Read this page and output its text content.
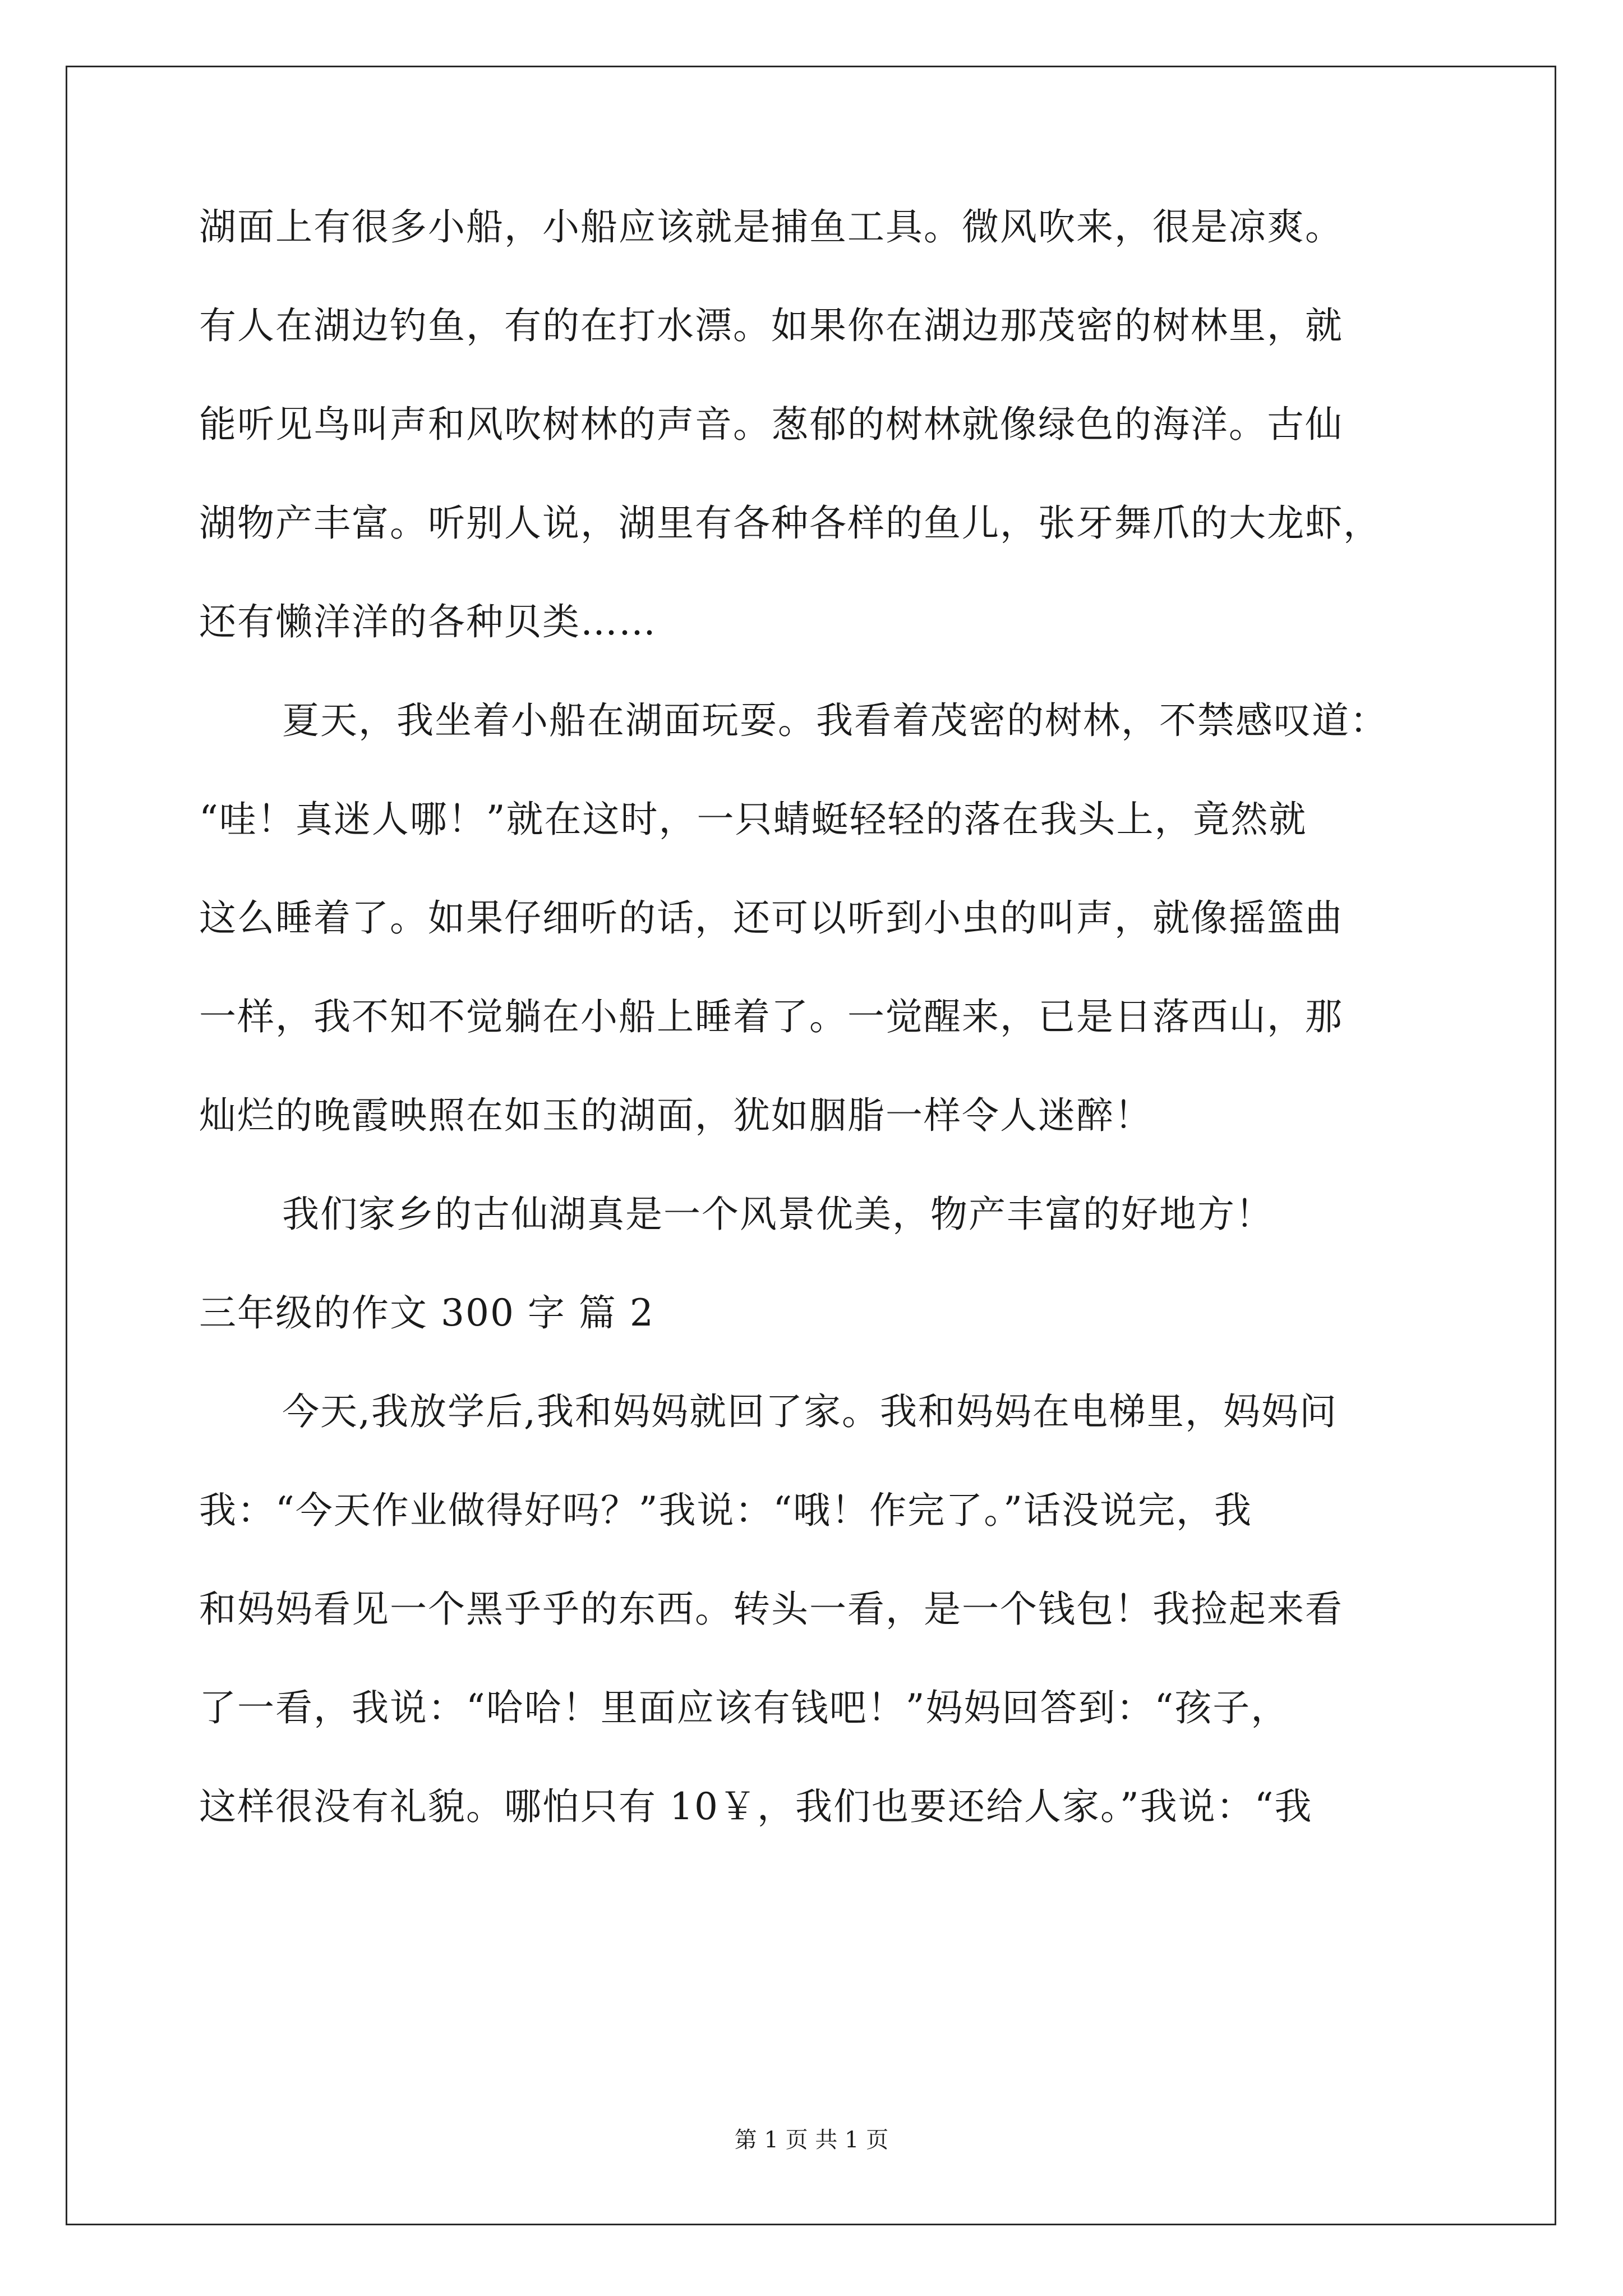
湖面上有很多小船，小船应该就是捕鱼工具。微风吹来，很是凉爽。
有人在湖边钓鱼，有的在打水漂。如果你在湖边那茂密的树林里，就
能听见鸟叫声和风吹树林的声音。葱郁的树林就像绿色的海洋。古仙
湖物产丰富。听别人说，湖里有各种各样的鱼儿，张牙舞爪的大龙虾，
还有懒洋洋的各种贝类……
夏天，我坐着小船在湖面玩耍。我看着茂密的树林，不禁感叹道：
“哇！真迷人哪！”就在这时，一只蜻蜓轻轻的落在我头上，竟然就
这么睡着了。如果仔细听的话，还可以听到小虫的叫声，就像摇篮曲
一样，我不知不觉躺在小船上睡着了。一觉醒来，已是日落西山，那
灿烂的晚霞映照在如玉的湖面，犹如胭脂一样令人迷醉！
我们家乡的古仙湖真是一个风景优美，物产丰富的好地方！
三年级的作文 300 字 篇 2
今天,我放学后,我和妈妈就回了家。我和妈妈在电梯里，妈妈问
我：“今天作业做得好吗？”我说：“哦！作完了。”话没说完，我
和妈妈看见一个黑乎乎的东西。转头一看，是一个钱包！我捡起来看
了一看，我说：“哈哈！里面应该有钱吧！”妈妈回答到：“孩子，
这样很没有礼貌。哪怕只有 10￥，我们也要还给人家。”我说：“我
第 1 页 共 1 页
